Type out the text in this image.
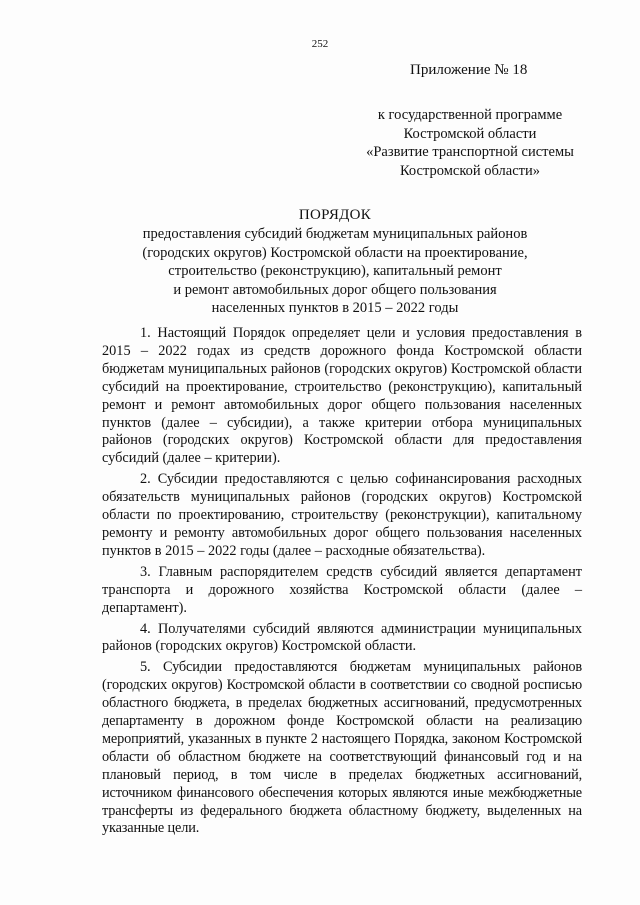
252
Приложение № 18
к государственной программе
Костромской области
«Развитие транспортной системы
Костромской области»
ПОРЯДОК
предоставления субсидий бюджетам муниципальных районов
(городских округов) Костромской области на проектирование,
строительство (реконструкцию), капитальный ремонт
и ремонт автомобильных дорог общего пользования
населенных пунктов в 2015 – 2022 годы

1. Настоящий Порядок определяет цели и условия предоставления в 2015 – 2022 годах из средств дорожного фонда Костромской области бюджетам муниципальных районов (городских округов) Костромской области субсидий на проектирование, строительство (реконструкцию), капитальный ремонт и ремонт автомобильных дорог общего пользования населенных пунктов (далее – субсидии), а также критерии отбора муниципальных районов (городских округов) Костромской области для предоставления субсидий (далее – критерии).

2. Субсидии предоставляются с целью софинансирования расходных обязательств муниципальных районов (городских округов) Костромской области по проектированию, строительству (реконструкции), капитальному ремонту и ремонту автомобильных дорог общего пользования населенных пунктов в 2015 – 2022 годы (далее – расходные обязательства).

3. Главным распорядителем средств субсидий является департамент транспорта и дорожного хозяйства Костромской области (далее – департамент).

4. Получателями субсидий являются администрации муниципальных районов (городских округов) Костромской области.

5. Субсидии предоставляются бюджетам муниципальных районов (городских округов) Костромской области в соответствии со сводной росписью областного бюджета, в пределах бюджетных ассигнований, предусмотренных департаменту в дорожном фонде Костромской области на реализацию мероприятий, указанных в пункте 2 настоящего Порядка, законом Костромской области об областном бюджете на соответствующий финансовый год и на плановый период, в том числе в пределах бюджетных ассигнований, источником финансового обеспечения которых являются иные межбюджетные трансферты из федерального бюджета областному бюджету, выделенных на указанные цели.
